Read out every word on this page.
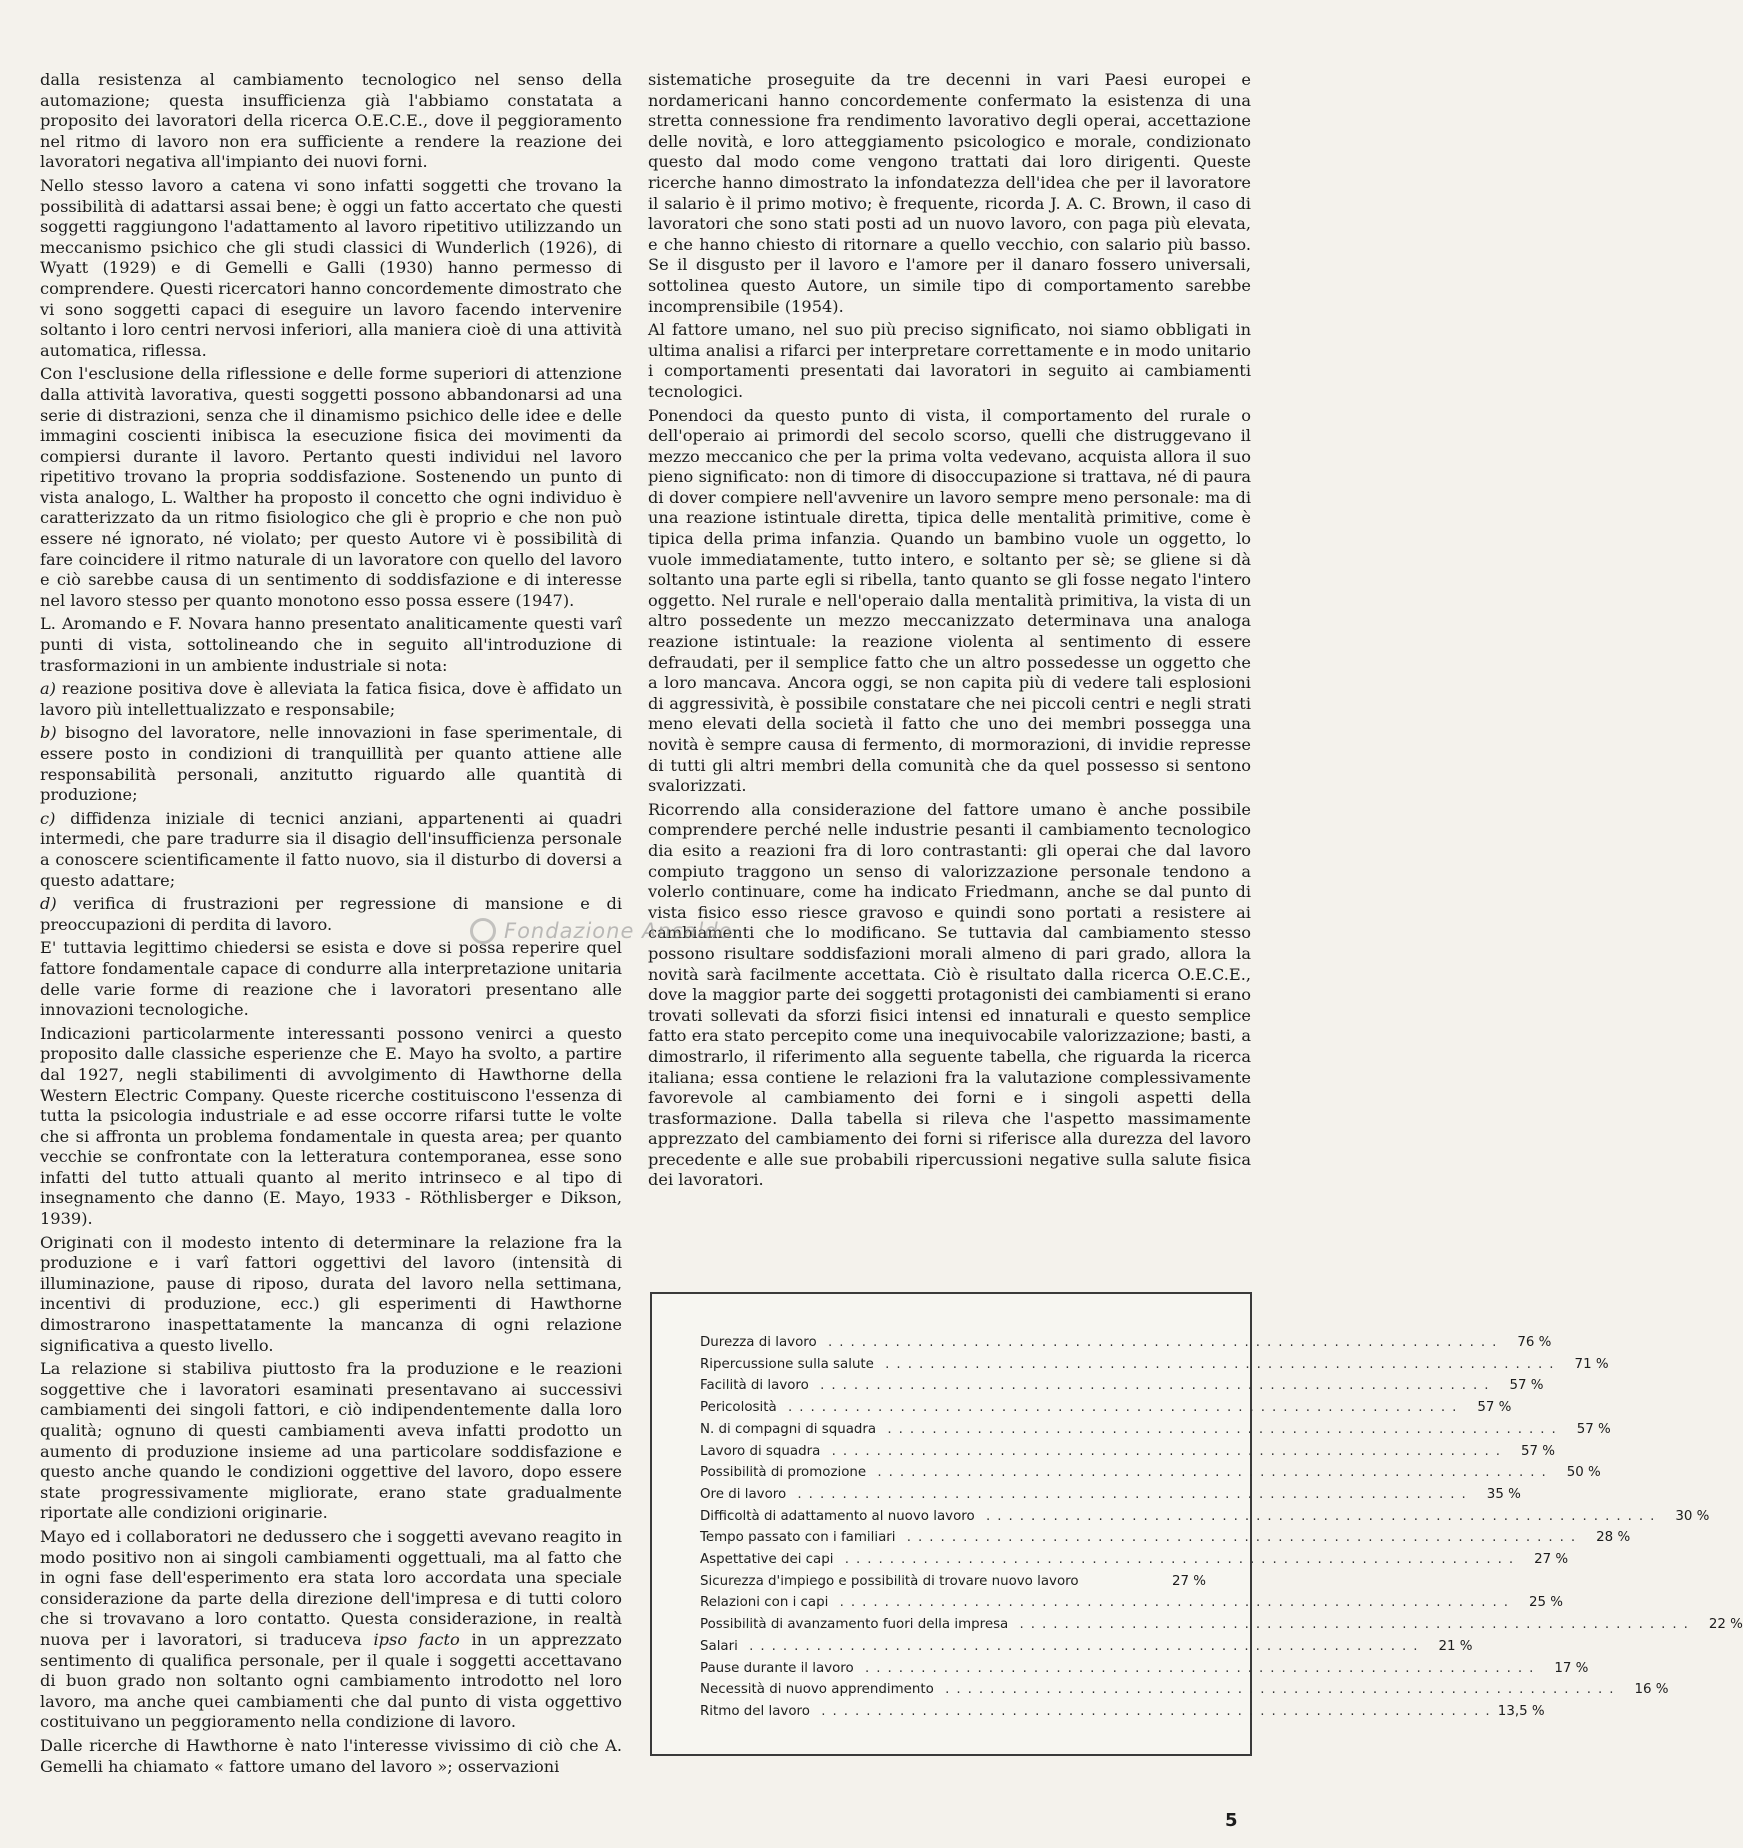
dalla resistenza al cambiamento tecnologico nel senso della automazione; questa insufficienza già l'abbiamo constatata a proposito dei lavoratori della ricerca O.E.C.E., dove il peggioramento nel ritmo di lavoro non era sufficiente a rendere la reazione dei lavoratori negativa all'impianto dei nuovi forni.

Nello stesso lavoro a catena vi sono infatti soggetti che trovano la possibilità di adattarsi assai bene; è oggi un fatto accertato che questi soggetti raggiungono l'adattamento al lavoro ripetitivo utilizzando un meccanismo psichico che gli studi classici di Wunderlich (1926), di Wyatt (1929) e di Gemelli e Galli (1930) hanno permesso di comprendere. Questi ricercatori hanno concordemente dimostrato che vi sono soggetti capaci di eseguire un lavoro facendo intervenire soltanto i loro centri nervosi inferiori, alla maniera cioè di una attività automatica, riflessa.

Con l'esclusione della riflessione e delle forme superiori di attenzione dalla attività lavorativa, questi soggetti possono abbandonarsi ad una serie di distrazioni, senza che il dinamismo psichico delle idee e delle immagini coscienti inibisca la esecuzione fisica dei movimenti da compiersi durante il lavoro. Pertanto questi individui nel lavoro ripetitivo trovano la propria soddisfazione. Sostenendo un punto di vista analogo, L. Walther ha proposto il concetto che ogni individuo è caratterizzato da un ritmo fisiologico che gli è proprio e che non può essere né ignorato, né violato; per questo Autore vi è possibilità di fare coincidere il ritmo naturale di un lavoratore con quello del lavoro e ciò sarebbe causa di un sentimento di soddisfazione e di interesse nel lavoro stesso per quanto monotono esso possa essere (1947).

L. Aromando e F. Novara hanno presentato analiticamente questi varî punti di vista, sottolineando che in seguito all'introduzione di trasformazioni in un ambiente industriale si nota:

a) reazione positiva dove è alleviata la fatica fisica, dove è affidato un lavoro più intellettualizzato e responsabile;
b) bisogno del lavoratore, nelle innovazioni in fase sperimentale, di essere posto in condizioni di tranquillità per quanto attiene alle responsabilità personali, anzitutto riguardo alle quantità di produzione;
c) diffidenza iniziale di tecnici anziani, appartenenti ai quadri intermedi, che pare tradurre sia il disagio dell'insufficienza personale a conoscere scientificamente il fatto nuovo, sia il disturbo di doversi a questo adattare;
d) verifica di frustrazioni per regressione di mansione e di preoccupazioni di perdita di lavoro.

E' tuttavia legittimo chiedersi se esista e dove si possa reperire quel fattore fondamentale capace di condurre alla interpretazione unitaria delle varie forme di reazione che i lavoratori presentano alle innovazioni tecnologiche.

Indicazioni particolarmente interessanti possono venirci a questo proposito dalle classiche esperienze che E. Mayo ha svolto, a partire dal 1927, negli stabilimenti di avvolgimento di Hawthorne della Western Electric Company. Queste ricerche costituiscono l'essenza di tutta la psicologia industriale e ad esse occorre rifarsi tutte le volte che si affronta un problema fondamentale in questa area; per quanto vecchie se confrontate con la letteratura contemporanea, esse sono infatti del tutto attuali quanto al merito intrinseco e al tipo di insegnamento che danno (E. Mayo, 1933 - Röthlisberger e Dikson, 1939).

Originati con il modesto intento di determinare la relazione fra la produzione e i varî fattori oggettivi del lavoro (intensità di illuminazione, pause di riposo, durata del lavoro nella settimana, incentivi di produzione, ecc.) gli esperimenti di Hawthorne dimostrarono inaspettatamente la mancanza di ogni relazione significativa a questo livello.

La relazione si stabiliva piuttosto fra la produzione e le reazioni soggettive che i lavoratori esaminati presentavano ai successivi cambiamenti dei singoli fattori, e ciò indipendentemente dalla loro qualità; ognuno di questi cambiamenti aveva infatti prodotto un aumento di produzione insieme ad una particolare soddisfazione e questo anche quando le condizioni oggettive del lavoro, dopo essere state progressivamente migliorate, erano state gradualmente riportate alle condizioni originarie.

Mayo ed i collaboratori ne dedussero che i soggetti avevano reagito in modo positivo non ai singoli cambiamenti oggettuali, ma al fatto che in ogni fase dell'esperimento era stata loro accordata una speciale considerazione da parte della direzione dell'impresa e di tutti coloro che si trovavano a loro contatto. Questa considerazione, in realtà nuova per i lavoratori, si traduceva ipso facto in un apprezzato sentimento di qualifica personale, per il quale i soggetti accettavano di buon grado non soltanto ogni cambiamento introdotto nel loro lavoro, ma anche quei cambiamenti che dal punto di vista oggettivo costituivano un peggioramento nella condizione di lavoro.

Dalle ricerche di Hawthorne è nato l'interesse vivissimo di ciò che A. Gemelli ha chiamato « fattore umano del lavoro »; osservazioni

sistematiche proseguite da tre decenni in vari Paesi europei e nordamericani hanno concordemente confermato la esistenza di una stretta connessione fra rendimento lavorativo degli operai, accettazione delle novità, e loro atteggiamento psicologico e morale, condizionato questo dal modo come vengono trattati dai loro dirigenti. Queste ricerche hanno dimostrato la infondatezza dell'idea che per il lavoratore il salario è il primo motivo; è frequente, ricorda J. A. C. Brown, il caso di lavoratori che sono stati posti ad un nuovo lavoro, con paga più elevata, e che hanno chiesto di ritornare a quello vecchio, con salario più basso. Se il disgusto per il lavoro e l'amore per il danaro fossero universali, sottolinea questo Autore, un simile tipo di comportamento sarebbe incomprensibile (1954).

Al fattore umano, nel suo più preciso significato, noi siamo obbligati in ultima analisi a rifarci per interpretare correttamente e in modo unitario i comportamenti presentati dai lavoratori in seguito ai cambiamenti tecnologici.

Ponendoci da questo punto di vista, il comportamento del rurale o dell'operaio ai primordi del secolo scorso, quelli che distruggevano il mezzo meccanico che per la prima volta vedevano, acquista allora il suo pieno significato: non di timore di disoccupazione si trattava, né di paura di dover compiere nell'avvenire un lavoro sempre meno personale: ma di una reazione istintuale diretta, tipica delle mentalità primitive, come è tipica della prima infanzia. Quando un bambino vuole un oggetto, lo vuole immediatamente, tutto intero, e soltanto per sè; se gliene si dà soltanto una parte egli si ribella, tanto quanto se gli fosse negato l'intero oggetto. Nel rurale e nell'operaio dalla mentalità primitiva, la vista di un altro possedente un mezzo meccanizzato determinava una analoga reazione istintuale: la reazione violenta al sentimento di essere defraudati, per il semplice fatto che un altro possedesse un oggetto che a loro mancava. Ancora oggi, se non capita più di vedere tali esplosioni di aggressività, è possibile constatare che nei piccoli centri e negli strati meno elevati della società il fatto che uno dei membri possegga una novità è sempre causa di fermento, di mormorazioni, di invidie represse di tutti gli altri membri della comunità che da quel possesso si sentono svalorizzati.

Ricorrendo alla considerazione del fattore umano è anche possibile comprendere perché nelle industrie pesanti il cambiamento tecnologico dia esito a reazioni fra di loro contrastanti: gli operai che dal lavoro compiuto traggono un senso di valorizzazione personale tendono a volerlo continuare, come ha indicato Friedmann, anche se dal punto di vista fisico esso riesce gravoso e quindi sono portati a resistere ai cambiamenti che lo modificano. Se tuttavia dal cambiamento stesso possono risultare soddisfazioni morali almeno di pari grado, allora la novità sarà facilmente accettata. Ciò è risultato dalla ricerca O.E.C.E., dove la maggior parte dei soggetti protagonisti dei cambiamenti si erano trovati sollevati da sforzi fisici intensi ed innaturali e questo semplice fatto era stato percepito come una inequivocabile valorizzazione; basti, a dimostrarlo, il riferimento alla seguente tabella, che riguarda la ricerca italiana; essa contiene le relazioni fra la valutazione complessivamente favorevole al cambiamento dei forni e i singoli aspetti della trasformazione. Dalla tabella si rileva che l'aspetto massimamente apprezzato del cambiamento dei forni si riferisce alla durezza del lavoro precedente e alle sue probabili ripercussioni negative sulla salute fisica dei lavoratori.

Fondazione Ansaldo
Durezza di lavoro ............................................................	76 %
Ripercussione sulla salute ............................................................	71 %
Facilità di lavoro ............................................................	57 %
Pericolosità ............................................................	57 %
N. di compagni di squadra ............................................................	57 %
Lavoro di squadra ............................................................	57 %
Possibilità di promozione ............................................................	50 %
Ore di lavoro ............................................................	35 %
Difficoltà di adattamento al nuovo lavoro ............................................................	30 %
Tempo passato con i familiari ............................................................	28 %
Aspettative dei capi ............................................................	27 %
Sicurezza d'impiego e possibilità di trovare nuovo lavoro	27 %
Relazioni con i capi ............................................................	25 %
Possibilità di avanzamento fuori della impresa ............................................................	22 %
Salari ............................................................	21 %
Pause durante il lavoro ............................................................	17 %
Necessità di nuovo apprendimento ............................................................	16 %
Ritmo del lavoro ............................................................ 13,5 %
5
